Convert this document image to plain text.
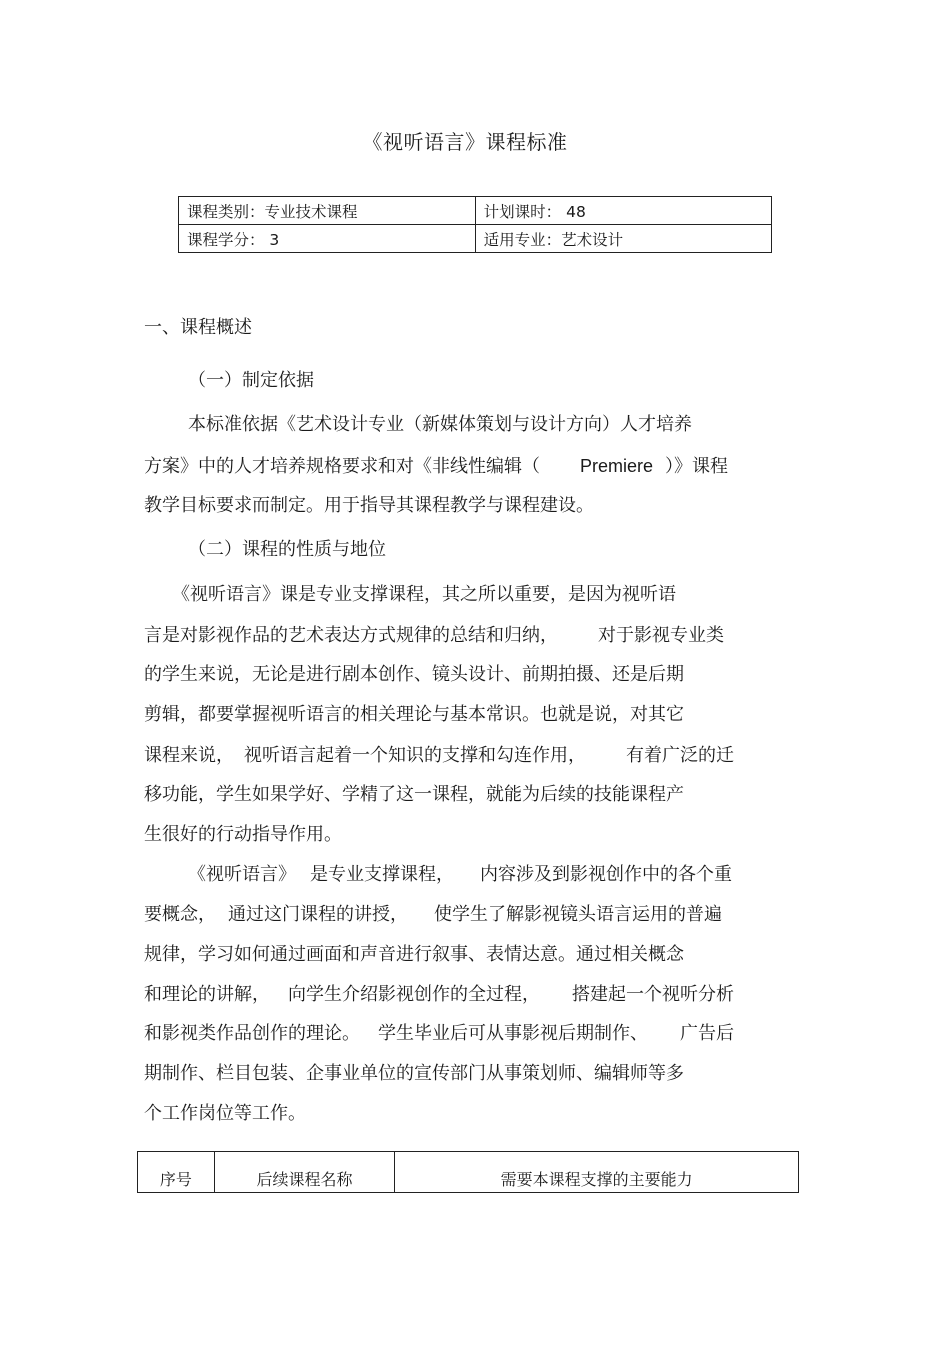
《视听语言》课程标准
课程类别：专业技术课程	计划课时： 48
课程学分： 3	适用专业：艺术设计
一、课程概述
（一）制定依据
本标准依据《艺术设计专业（新媒体策划与设计方向）人才培养
方案》中的人才培养规格要求和对《非线性编辑（ Premiere ）》课程
教学目标要求而制定。用于指导其课程教学与课程建设。
（二）课程的性质与地位
《视听语言》课是专业支撑课程，其之所以重要，是因为视听语
言是对影视作品的艺术表达方式规律的总结和归纳， 对于影视专业类
的学生来说，无论是进行剧本创作、镜头设计、前期拍摄、还是后期
剪辑，都要掌握视听语言的相关理论与基本常识。也就是说，对其它
课程来说， 视听语言起着一个知识的支撑和勾连作用， 有着广泛的迁
移功能，学生如果学好、学精了这一课程，就能为后续的技能课程产
生很好的行动指导作用。
《视听语言》 是专业支撑课程， 内容涉及到影视创作中的各个重
要概念， 通过这门课程的讲授， 使学生了解影视镜头语言运用的普遍
规律，学习如何通过画面和声音进行叙事、表情达意。通过相关概念
和理论的讲解， 向学生介绍影视创作的全过程， 搭建起一个视听分析
和影视类作品创作的理论。 学生毕业后可从事影视后期制作、 广告后
期制作、栏目包装、企事业单位的宣传部门从事策划师、编辑师等多
个工作岗位等工作。
序号	后续课程名称	需要本课程支撑的主要能力
